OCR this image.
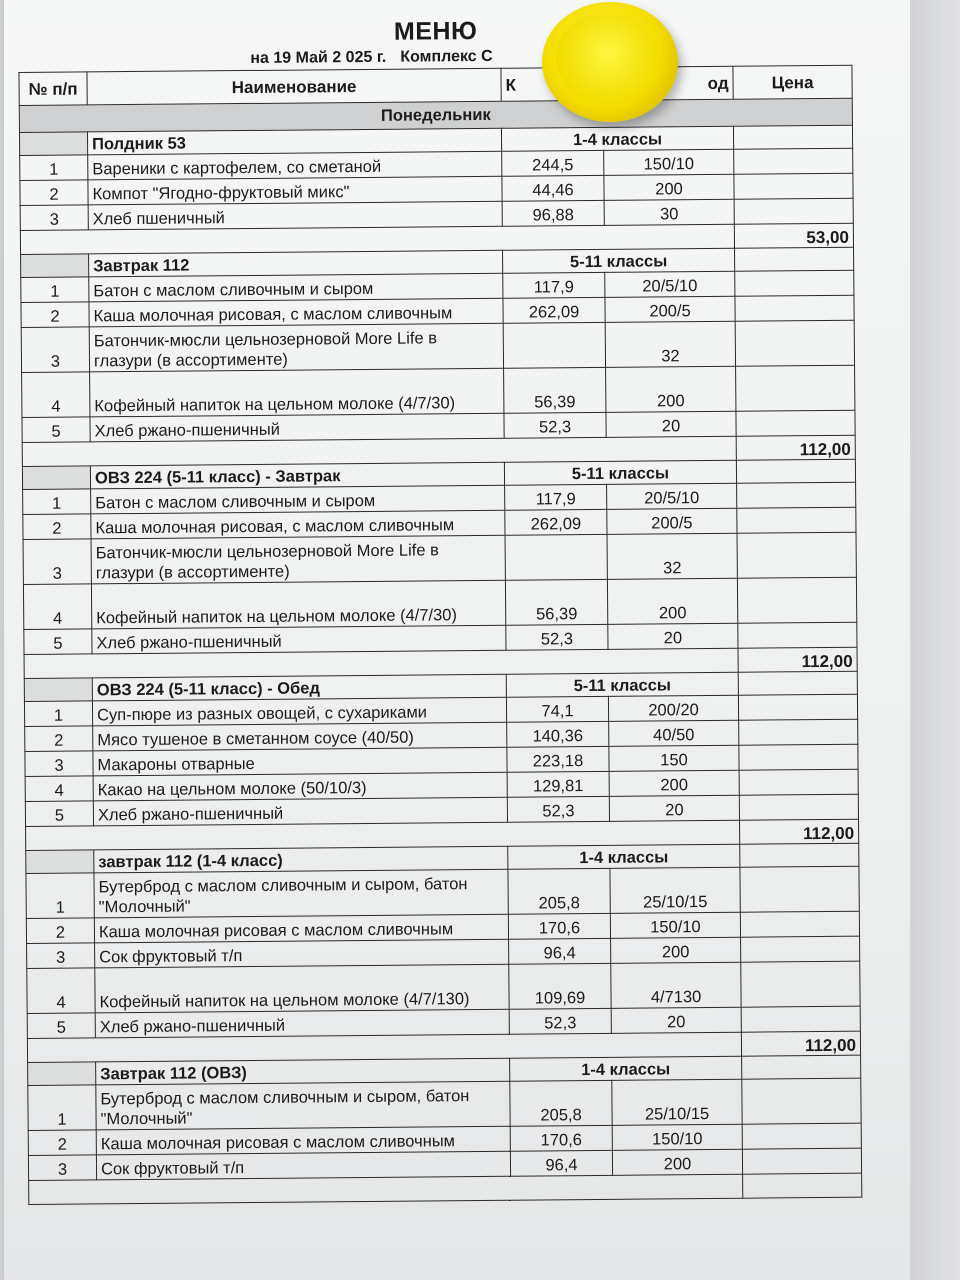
МЕНЮ
на 19 Май 2 025 г. Комплекс С
№ п/п	Наименование	К	од	Цена
Понедельник				
	Полдник 53	1-4 классы		
1	Вареники с картофелем, со сметаной	244,5	150/10	
2	Компот "Ягодно-фруктовый микс"	44,46	200	
3	Хлеб пшеничный	96,88	30	
				53,00
	Завтрак 112	5-11 классы		
1	Батон с маслом сливочным и сыром	117,9	20/5/10	
2	Каша молочная рисовая, с маслом сливочным	262,09	200/5	
3	Батончик-мюсли цельнозерновой More Life в глазури (в ассортименте)		32	
4	Кофейный напиток на цельном молоке (4/7/30)	56,39	200	
5	Хлеб ржано-пшеничный	52,3	20	
				112,00
	ОВЗ 224 (5-11 класс) - Завтрак	5-11 классы		
1	Батон с маслом сливочным и сыром	117,9	20/5/10	
2	Каша молочная рисовая, с маслом сливочным	262,09	200/5	
3	Батончик-мюсли цельнозерновой More Life в глазури (в ассортименте)		32	
4	Кофейный напиток на цельном молоке (4/7/30)	56,39	200	
5	Хлеб ржано-пшеничный	52,3	20	
				112,00
	ОВЗ 224 (5-11 класс) - Обед	5-11 классы		
1	Суп-пюре из разных овощей, с сухариками	74,1	200/20	
2	Мясо тушеное в сметанном соусе (40/50)	140,36	40/50	
3	Макароны отварные	223,18	150	
4	Какао на цельном молоке (50/10/3)	129,81	200	
5	Хлеб ржано-пшеничный	52,3	20	
				112,00
	завтрак 112 (1-4 класс)	1-4 классы		
1	Бутерброд с маслом сливочным и сыром, батон "Молочный"	205,8	25/10/15	
2	Каша молочная рисовая с маслом сливочным	170,6	150/10	
3	Сок фруктовый т/п	96,4	200	
4	Кофейный напиток на цельном молоке (4/7/130)	109,69	4/7130	
5	Хлеб ржано-пшеничный	52,3	20	
				112,00
	Завтрак 112 (ОВЗ)	1-4 классы		
1	Бутерброд с маслом сливочным и сыром, батон "Молочный"	205,8	25/10/15	
2	Каша молочная рисовая с маслом сливочным	170,6	150/10	
3	Сок фруктовый т/п	96,4	200	
